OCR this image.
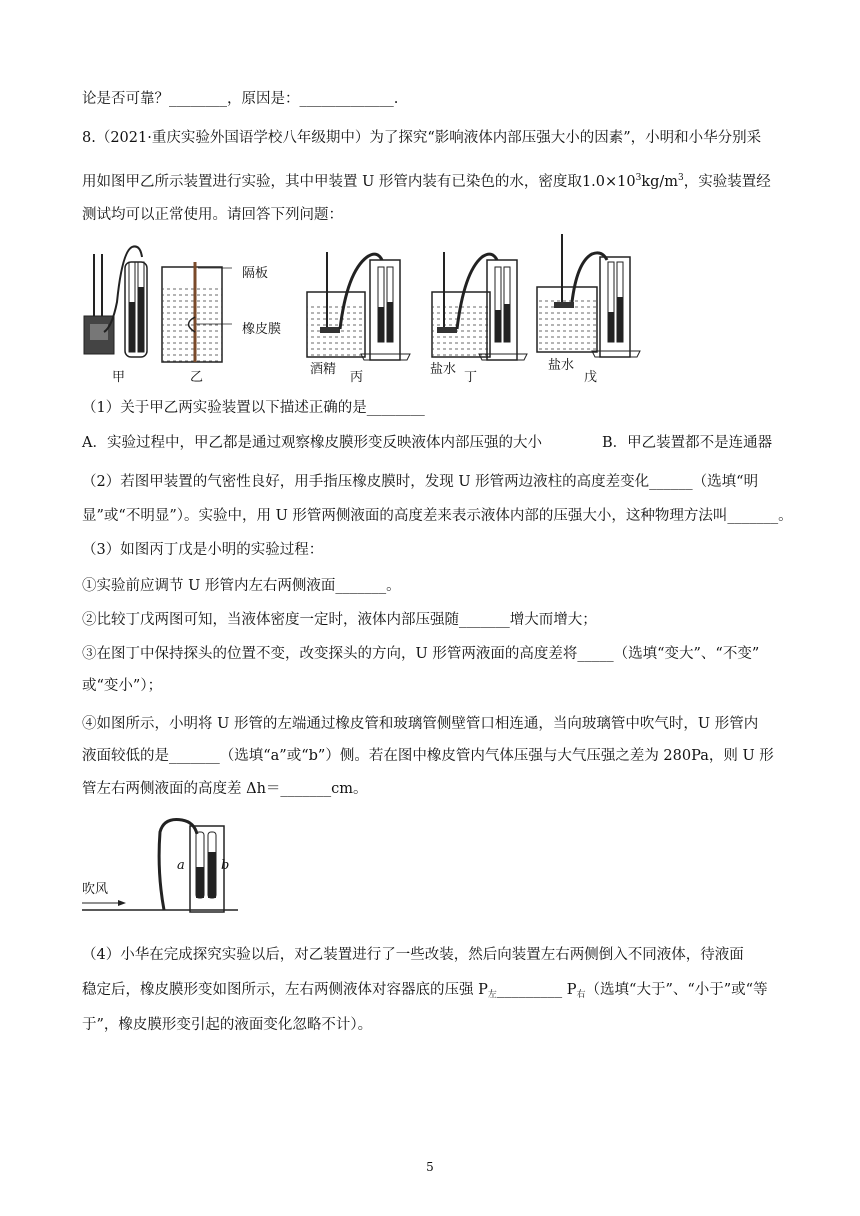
论是否可靠？________，原因是：_____________.
8.（2021·重庆实验外国语学校八年级期中）为了探究“影响液体内部压强大小的因素”，小明和小华分别采
用如图甲乙所示装置进行实验，其中甲装置 U 形管内装有已染色的水，密度取$1.0\times 10^3kg/m^3$，实验装置经
测试均可以正常使用。请回答下列问题：
甲	乙
隔板
橡皮膜
酒精
丙
盐水
丁
盐水
戊
（1）关于甲乙两实验装置以下描述正确的是________
A．实验过程中，甲乙都是通过观察橡皮膜形变反映液体内部压强的大小	B．甲乙装置都不是连通器
（2）若图甲装置的气密性良好，用手指压橡皮膜时，发现 U 形管两边液柱的高度差变化______（选填“明
显”或“不明显”）。实验中，用 U 形管两侧液面的高度差来表示液体内部的压强大小，这种物理方法叫_______。
（3）如图丙丁戊是小明的实验过程：
①实验前应调节 U 形管内左右两侧液面_______。
②比较丁戊两图可知，当液体密度一定时，液体内部压强随_______增大而增大；
③在图丁中保持探头的位置不变，改变探头的方向，U 形管两液面的高度差将_____（选填“变大”、“不变”
或“变小”）；
④如图所示，小明将 U 形管的左端通过橡皮管和玻璃管侧壁管口相连通，当向玻璃管中吹气时，U 形管内
液面较低的是_______（选填“a”或“b”）侧。若在图中橡皮管内气体压强与大气压强之差为 280Pa，则 U 形
管左右两侧液面的高度差 Δh＝_______cm。
a	b
吹风
（4）小华在完成探究实验以后，对乙装置进行了一些改装，然后向装置左右两侧倒入不同液体，待液面
稳定后，橡皮膜形变如图所示，左右两侧液体对容器底的压强 $P_左\_\_\_\_\_\_\_\_\_$ $P_右$（选填“大于”、“小于”或“等
于”，橡皮膜形变引起的液面变化忽略不计）。
5
